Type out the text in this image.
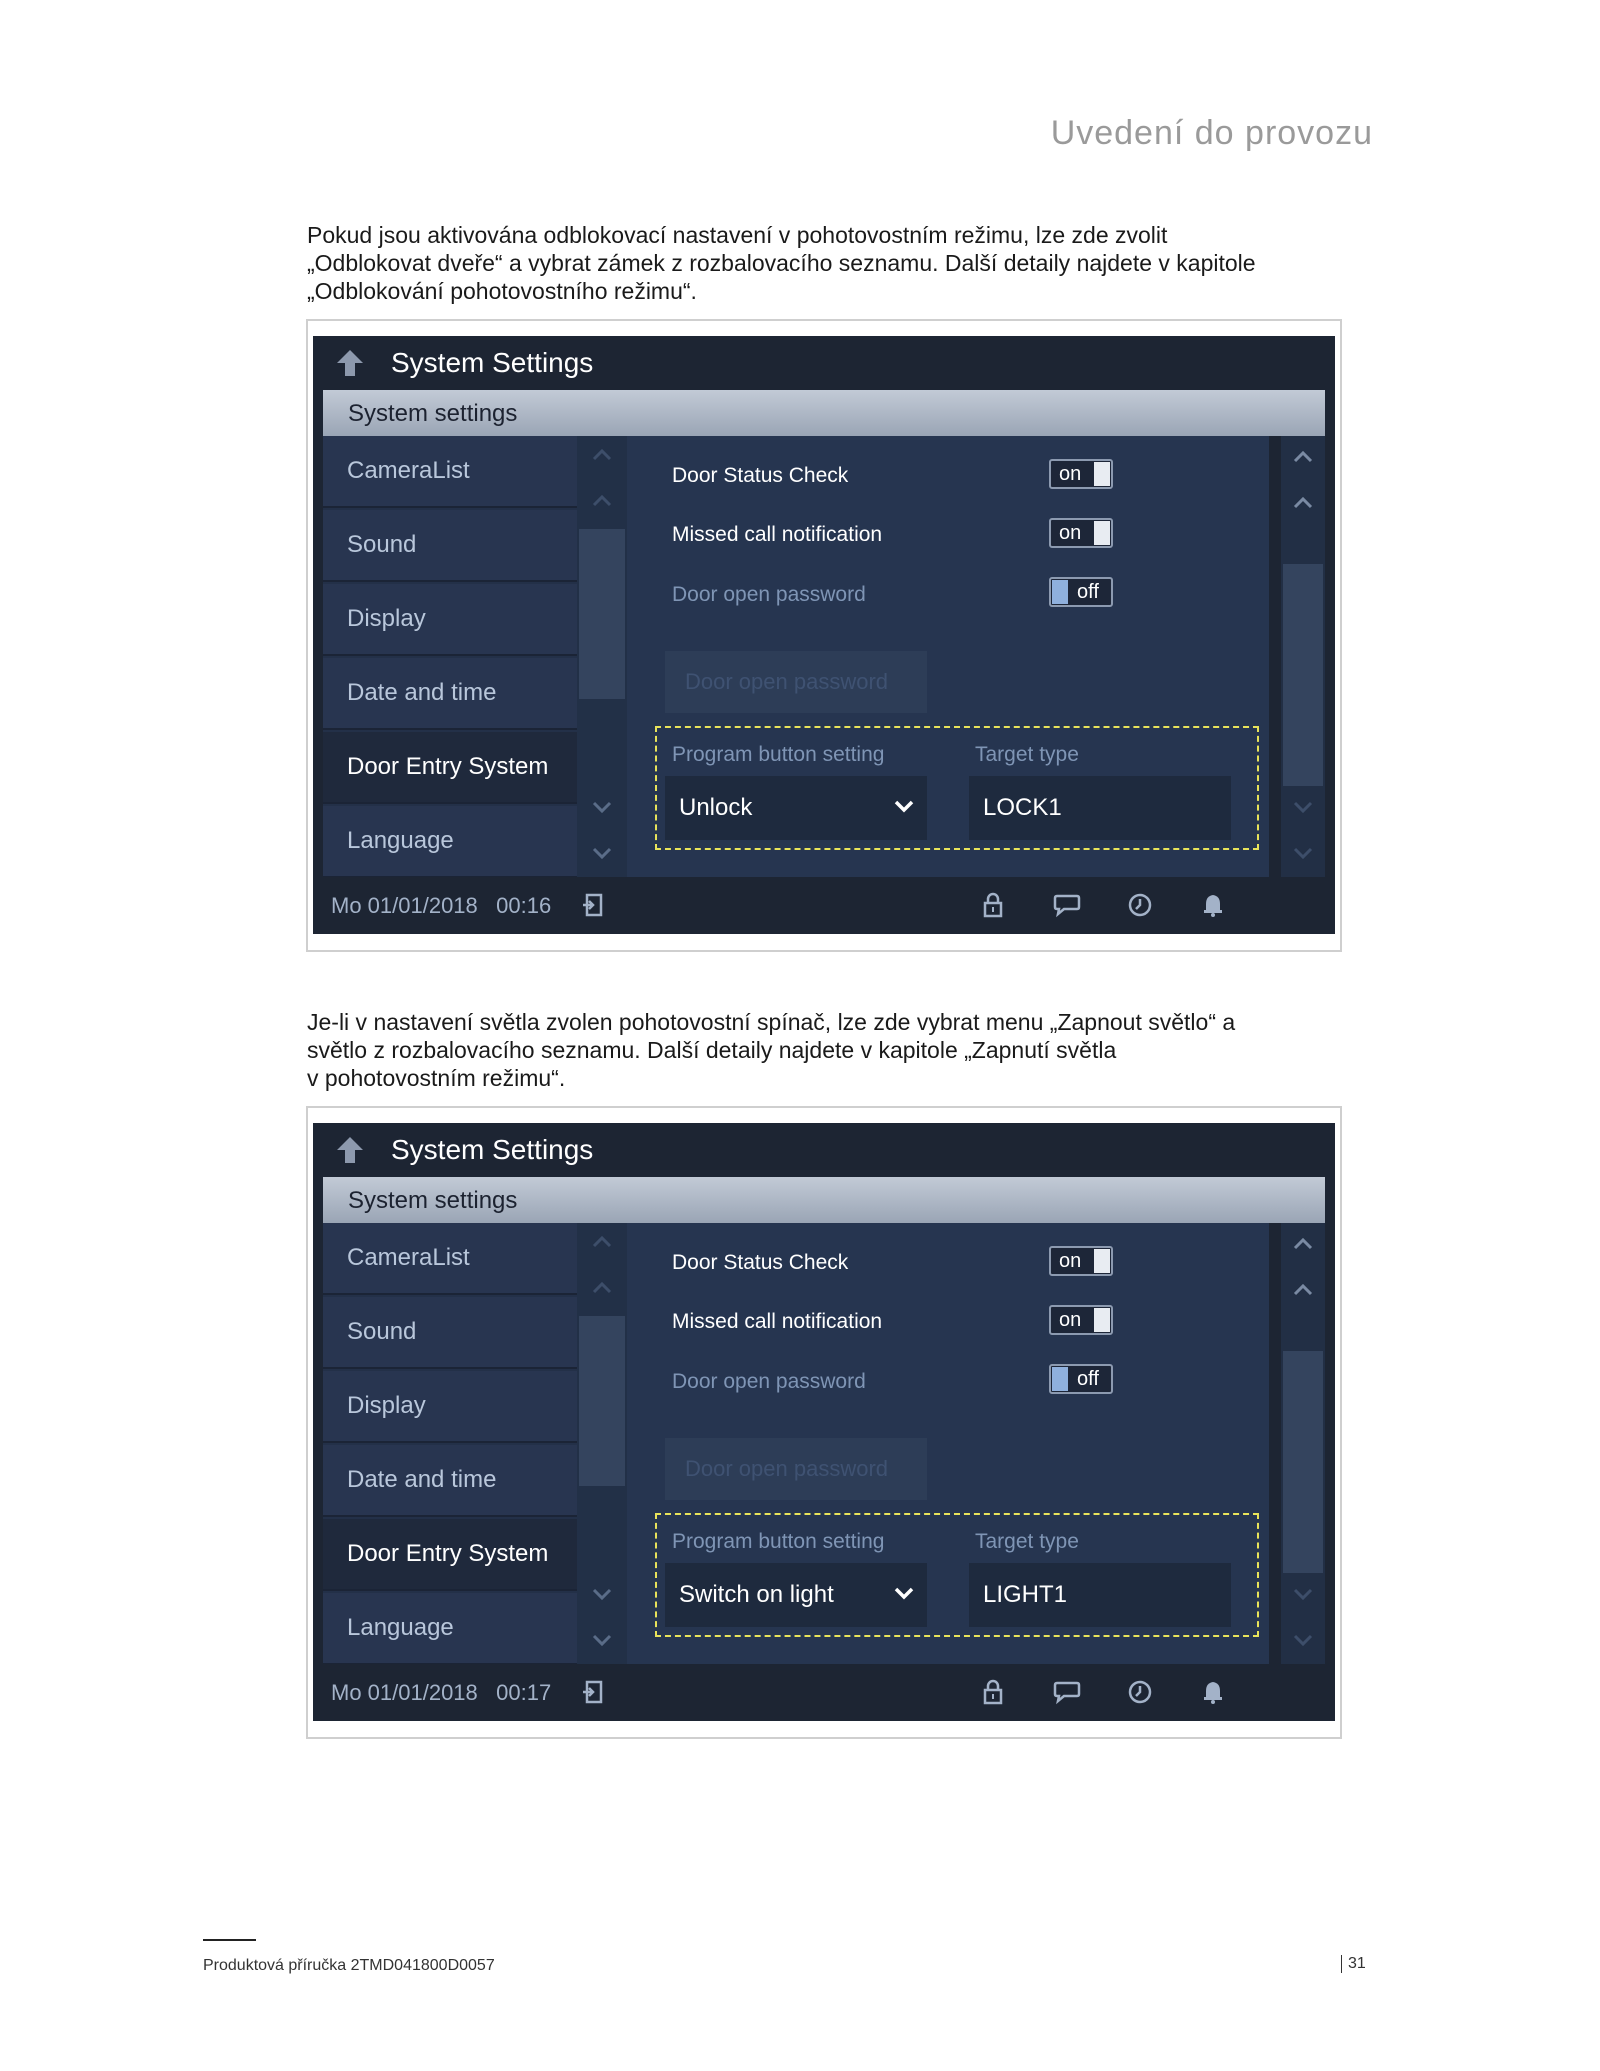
Uvedení do provozu

Pokud jsou aktivována odblokovací nastavení v pohotovostním režimu, lze zde zvolit

„Odblokovat dveře“ a vybrat zámek z rozbalovacího seznamu. Další detaily najdete v kapitole

„Odblokování pohotovostního režimu“.

System Settings
System settings
CameraList
Sound
Display
Date and time
Door Entry System
Language
Door Status Check	on
Missed call notification	on
Door open password	off
Door open password
Program button setting	Target type
Unlock	LOCK1
Mo 01/01/2018 00:16

Je-li v nastavení světla zvolen pohotovostní spínač, lze zde vybrat menu „Zapnout světlo“ a

světlo z rozbalovacího seznamu. Další detaily najdete v kapitole „Zapnutí světla

v pohotovostním režimu“.

System Settings
System settings
CameraList
Sound
Display
Date and time
Door Entry System
Language
Door Status Check	on
Missed call notification	on
Door open password	off
Door open password
Program button setting	Target type
Switch on light	LIGHT1
Mo 01/01/2018 00:17
Produktová příručka 2TMD041800D0057	31
